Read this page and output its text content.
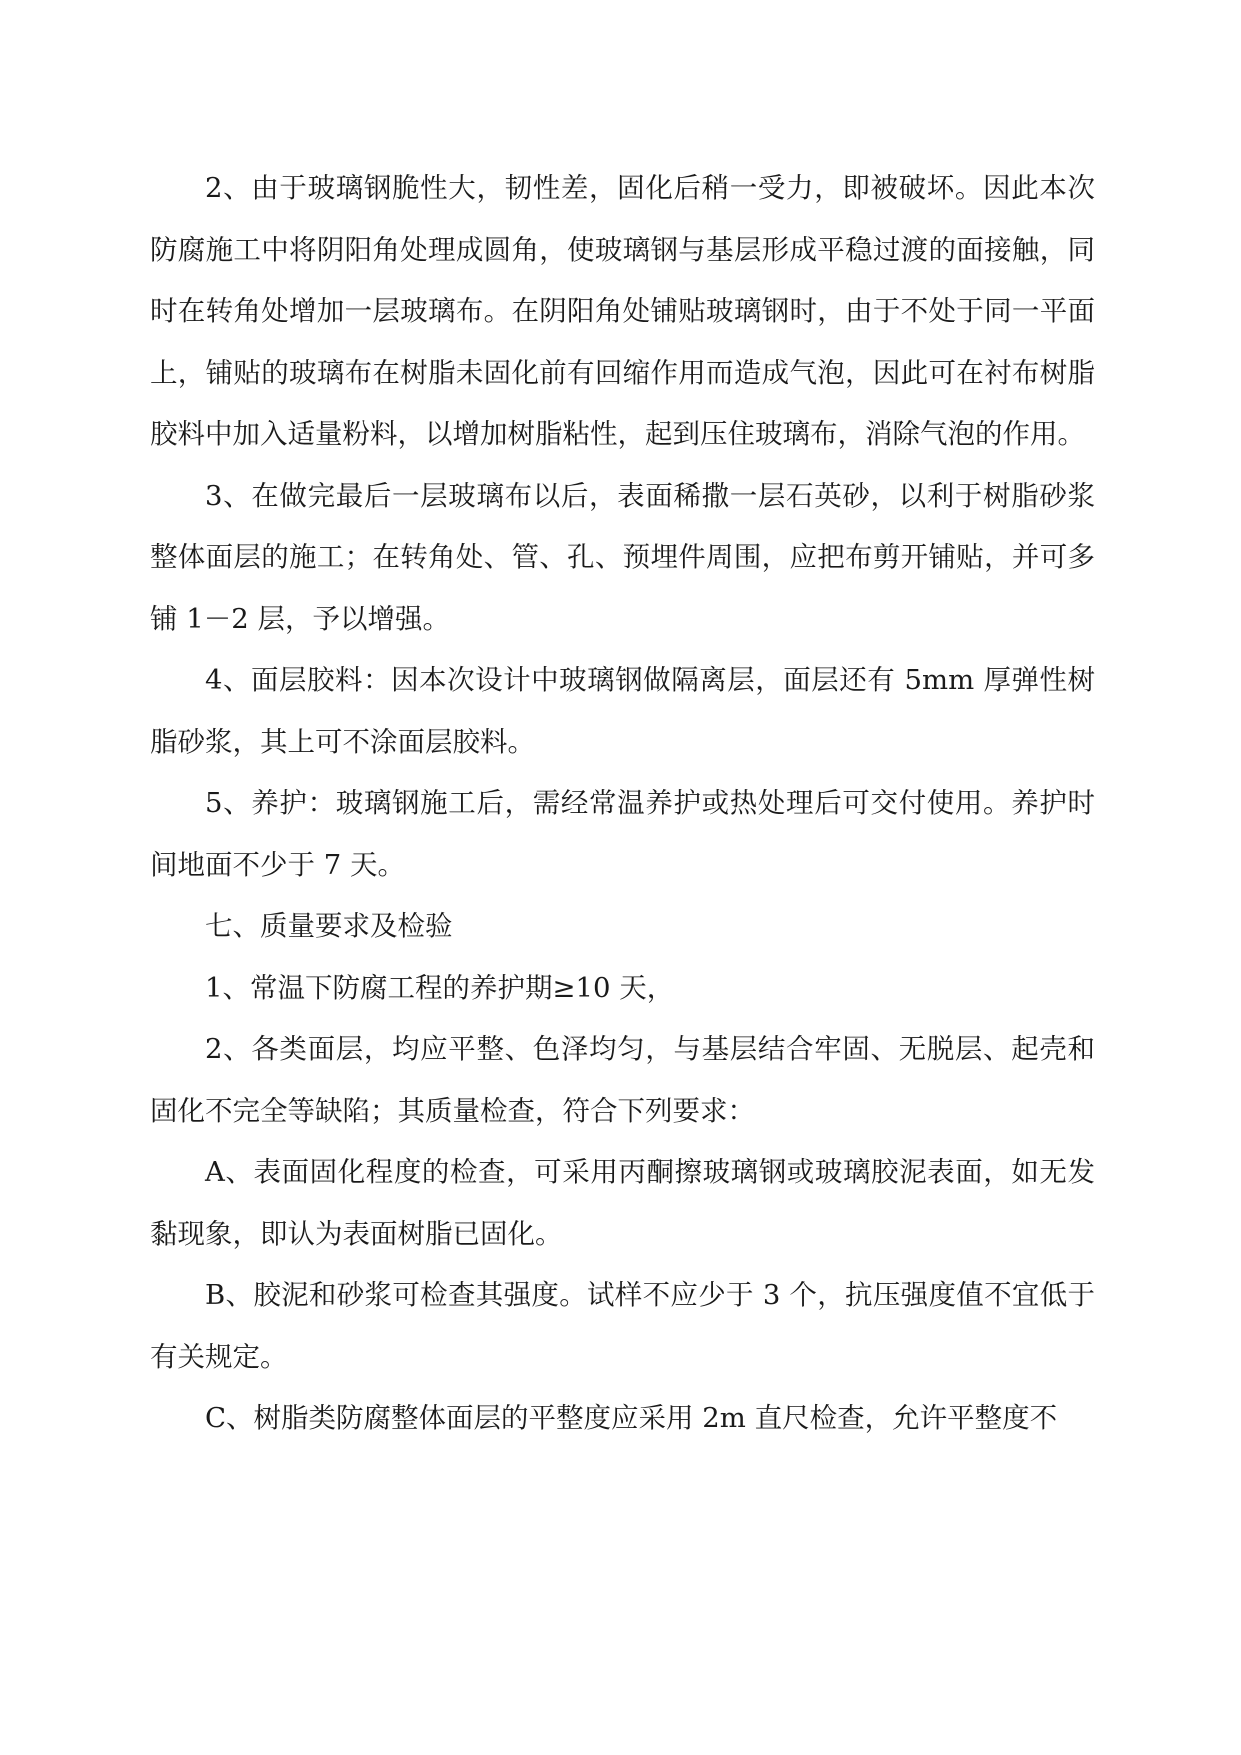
2、由于玻璃钢脆性大，韧性差，固化后稍一受力，即被破坏。因此本次防腐施工中将阴阳角处理成圆角，使玻璃钢与基层形成平稳过渡的面接触，同时在转角处增加一层玻璃布。在阴阳角处铺贴玻璃钢时，由于不处于同一平面上，铺贴的玻璃布在树脂未固化前有回缩作用而造成气泡，因此可在衬布树脂胶料中加入适量粉料，以增加树脂粘性，起到压住玻璃布，消除气泡的作用。

3、在做完最后一层玻璃布以后，表面稀撒一层石英砂，以利于树脂砂浆整体面层的施工；在转角处、管、孔、预埋件周围，应把布剪开铺贴，并可多铺 1－2 层，予以增强。

4、面层胶料：因本次设计中玻璃钢做隔离层，面层还有 5mm 厚弹性树脂砂浆，其上可不涂面层胶料。

5、养护：玻璃钢施工后，需经常温养护或热处理后可交付使用。养护时间地面不少于 7 天。

七、质量要求及检验

1、常温下防腐工程的养护期≥10 天，

2、各类面层，均应平整、色泽均匀，与基层结合牢固、无脱层、起壳和固化不完全等缺陷；其质量检查，符合下列要求：

A、表面固化程度的检查，可采用丙酮擦玻璃钢或玻璃胶泥表面，如无发黏现象，即认为表面树脂已固化。

B、胶泥和砂浆可检查其强度。试样不应少于 3 个，抗压强度值不宜低于有关规定。

C、树脂类防腐整体面层的平整度应采用 2m 直尺检查，允许平整度不
